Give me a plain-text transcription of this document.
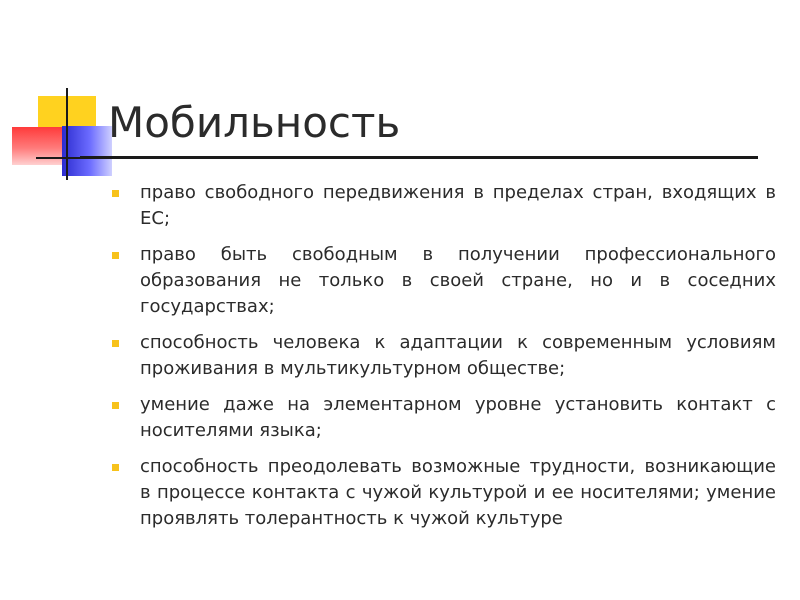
Мобильность
право свободного передвижения в пределах стран, входящих в ЕС;
право быть свободным в получении профессионального образования не только в своей стране, но и в соседних государствах;
способность человека к адаптации к современным условиям проживания в мультикультурном обществе;
умение даже на элементарном уровне установить контакт с носителями языка;
способность преодолевать возможные трудности, возникающие в процессе контакта с чужой культурой и ее носителями; умение проявлять толерантность к чужой культуре
